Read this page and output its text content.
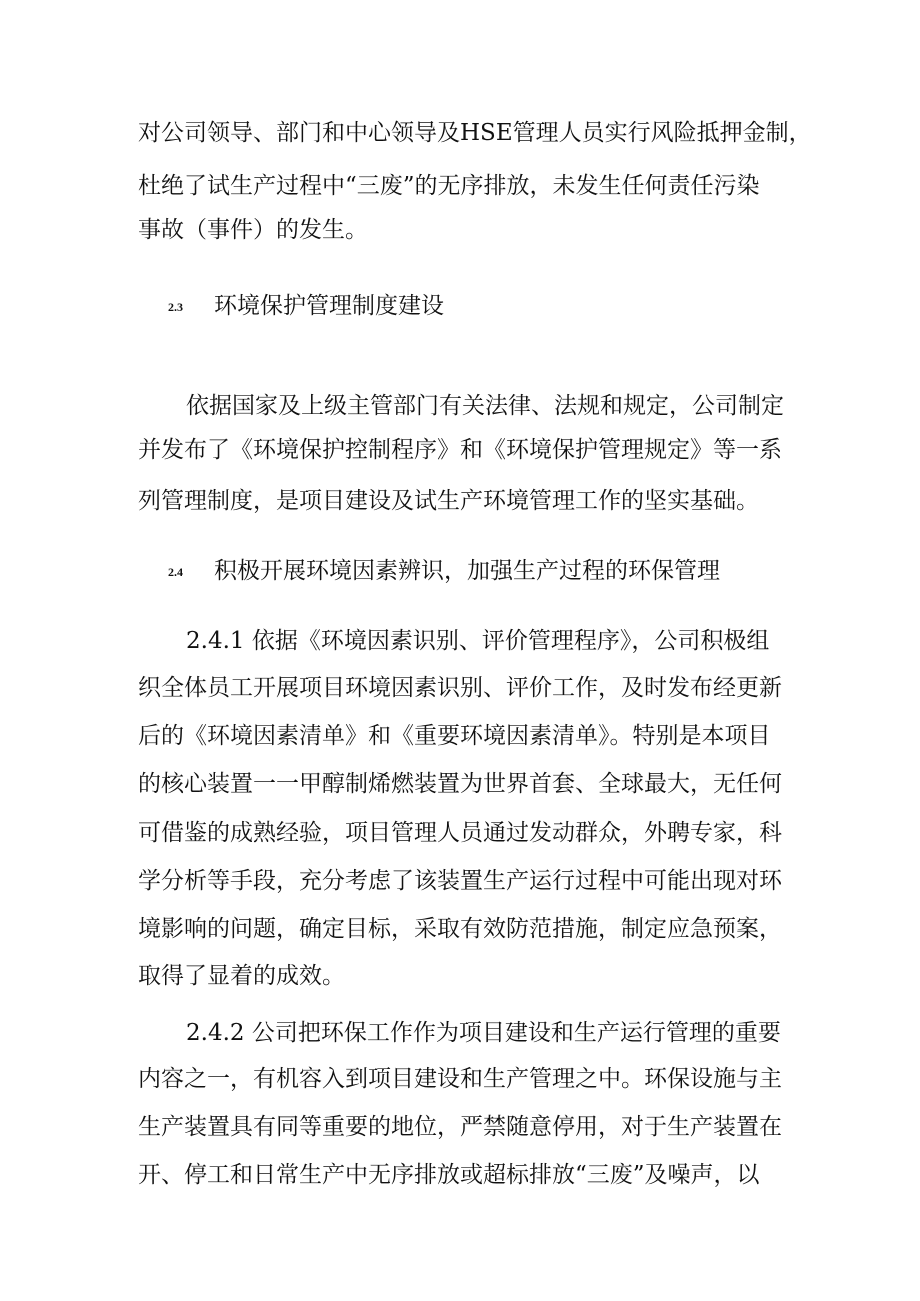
对公司领导、部门和中心领导及HSE管理人员实行风险抵押金制，
杜绝了试生产过程中“三废”的无序排放，未发生任何责任污染
事故（事件）的发生。
2.3 环境保护管理制度建设
依据国家及上级主管部门有关法律、法规和规定，公司制定
并发布了《环境保护控制程序》和《环境保护管理规定》等一系
列管理制度，是项目建设及试生产环境管理工作的坚实基础。
2.4 积极开展环境因素辨识，加强生产过程的环保管理
2.4.1 依据《环境因素识别、评价管理程序》，公司积极组
织全体员工开展项目环境因素识别、评价工作，及时发布经更新
后的《环境因素清单》和《重要环境因素清单》。特别是本项目
的核心装置一一甲醇制烯燃装置为世界首套、全球最大，无任何
可借鉴的成熟经验，项目管理人员通过发动群众，外聘专家，科
学分析等手段，充分考虑了该装置生产运行过程中可能出现对环
境影响的问题，确定目标，采取有效防范措施，制定应急预案，
取得了显着的成效。
2.4.2 公司把环保工作作为项目建设和生产运行管理的重要
内容之一，有机容入到项目建设和生产管理之中。环保设施与主
生产装置具有同等重要的地位，严禁随意停用，对于生产装置在
开、停工和日常生产中无序排放或超标排放“三废”及噪声，以
